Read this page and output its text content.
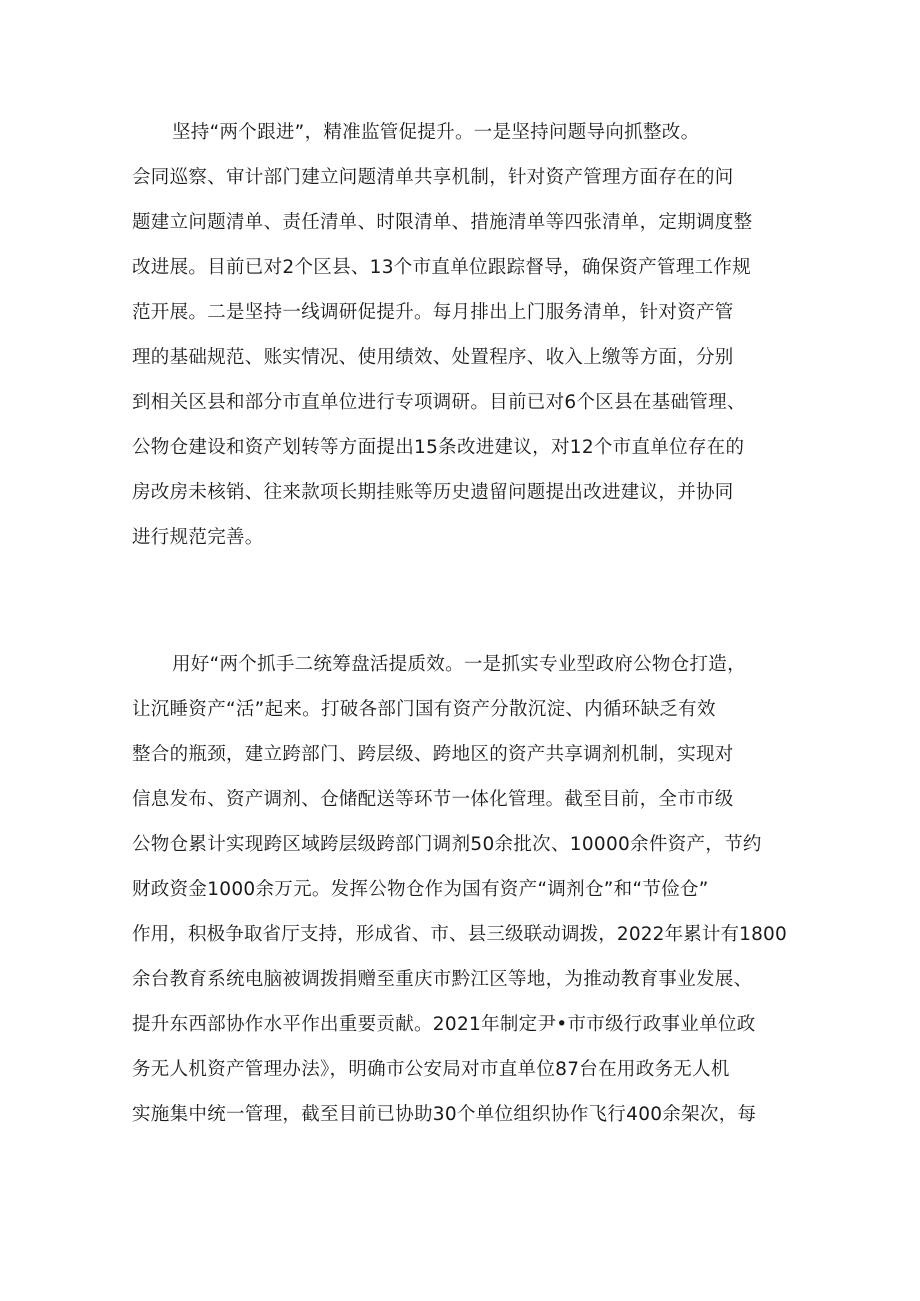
坚持“两个跟进”，精准监管促提升。一是坚持问题导向抓整改。
会同巡察、审计部门建立问题清单共享机制，针对资产管理方面存在的问
题建立问题清单、责任清单、时限清单、措施清单等四张清单，定期调度整
改进展。目前已对2个区县、13个市直单位跟踪督导，确保资产管理工作规
范开展。二是坚持一线调研促提升。每月排出上门服务清单，针对资产管
理的基础规范、账实情况、使用绩效、处置程序、收入上缴等方面，分别
到相关区县和部分市直单位进行专项调研。目前已对6个区县在基础管理、
公物仓建设和资产划转等方面提出15条改进建议，对12个市直单位存在的
房改房未核销、往来款项长期挂账等历史遗留问题提出改进建议，并协同
进行规范完善。
用好“两个抓手二统筹盘活提质效。一是抓实专业型政府公物仓打造，
让沉睡资产“活”起来。打破各部门国有资产分散沉淀、内循环缺乏有效
整合的瓶颈，建立跨部门、跨层级、跨地区的资产共享调剂机制，实现对
信息发布、资产调剂、仓储配送等环节一体化管理。截至目前，全市市级
公物仓累计实现跨区域跨层级跨部门调剂50余批次、10000余件资产，节约
财政资金1000余万元。发挥公物仓作为国有资产“调剂仓”和“节俭仓”
作用，积极争取省厅支持，形成省、市、县三级联动调拨，2022年累计有1800
余台教育系统电脑被调拨捐赠至重庆市黔江区等地，为推动教育事业发展、
提升东西部协作水平作出重要贡献。2021年制定尹•市市级行政事业单位政
务无人机资产管理办法》，明确市公安局对市直单位87台在用政务无人机
实施集中统一管理，截至目前已协助30个单位组织协作飞行400余架次，每
